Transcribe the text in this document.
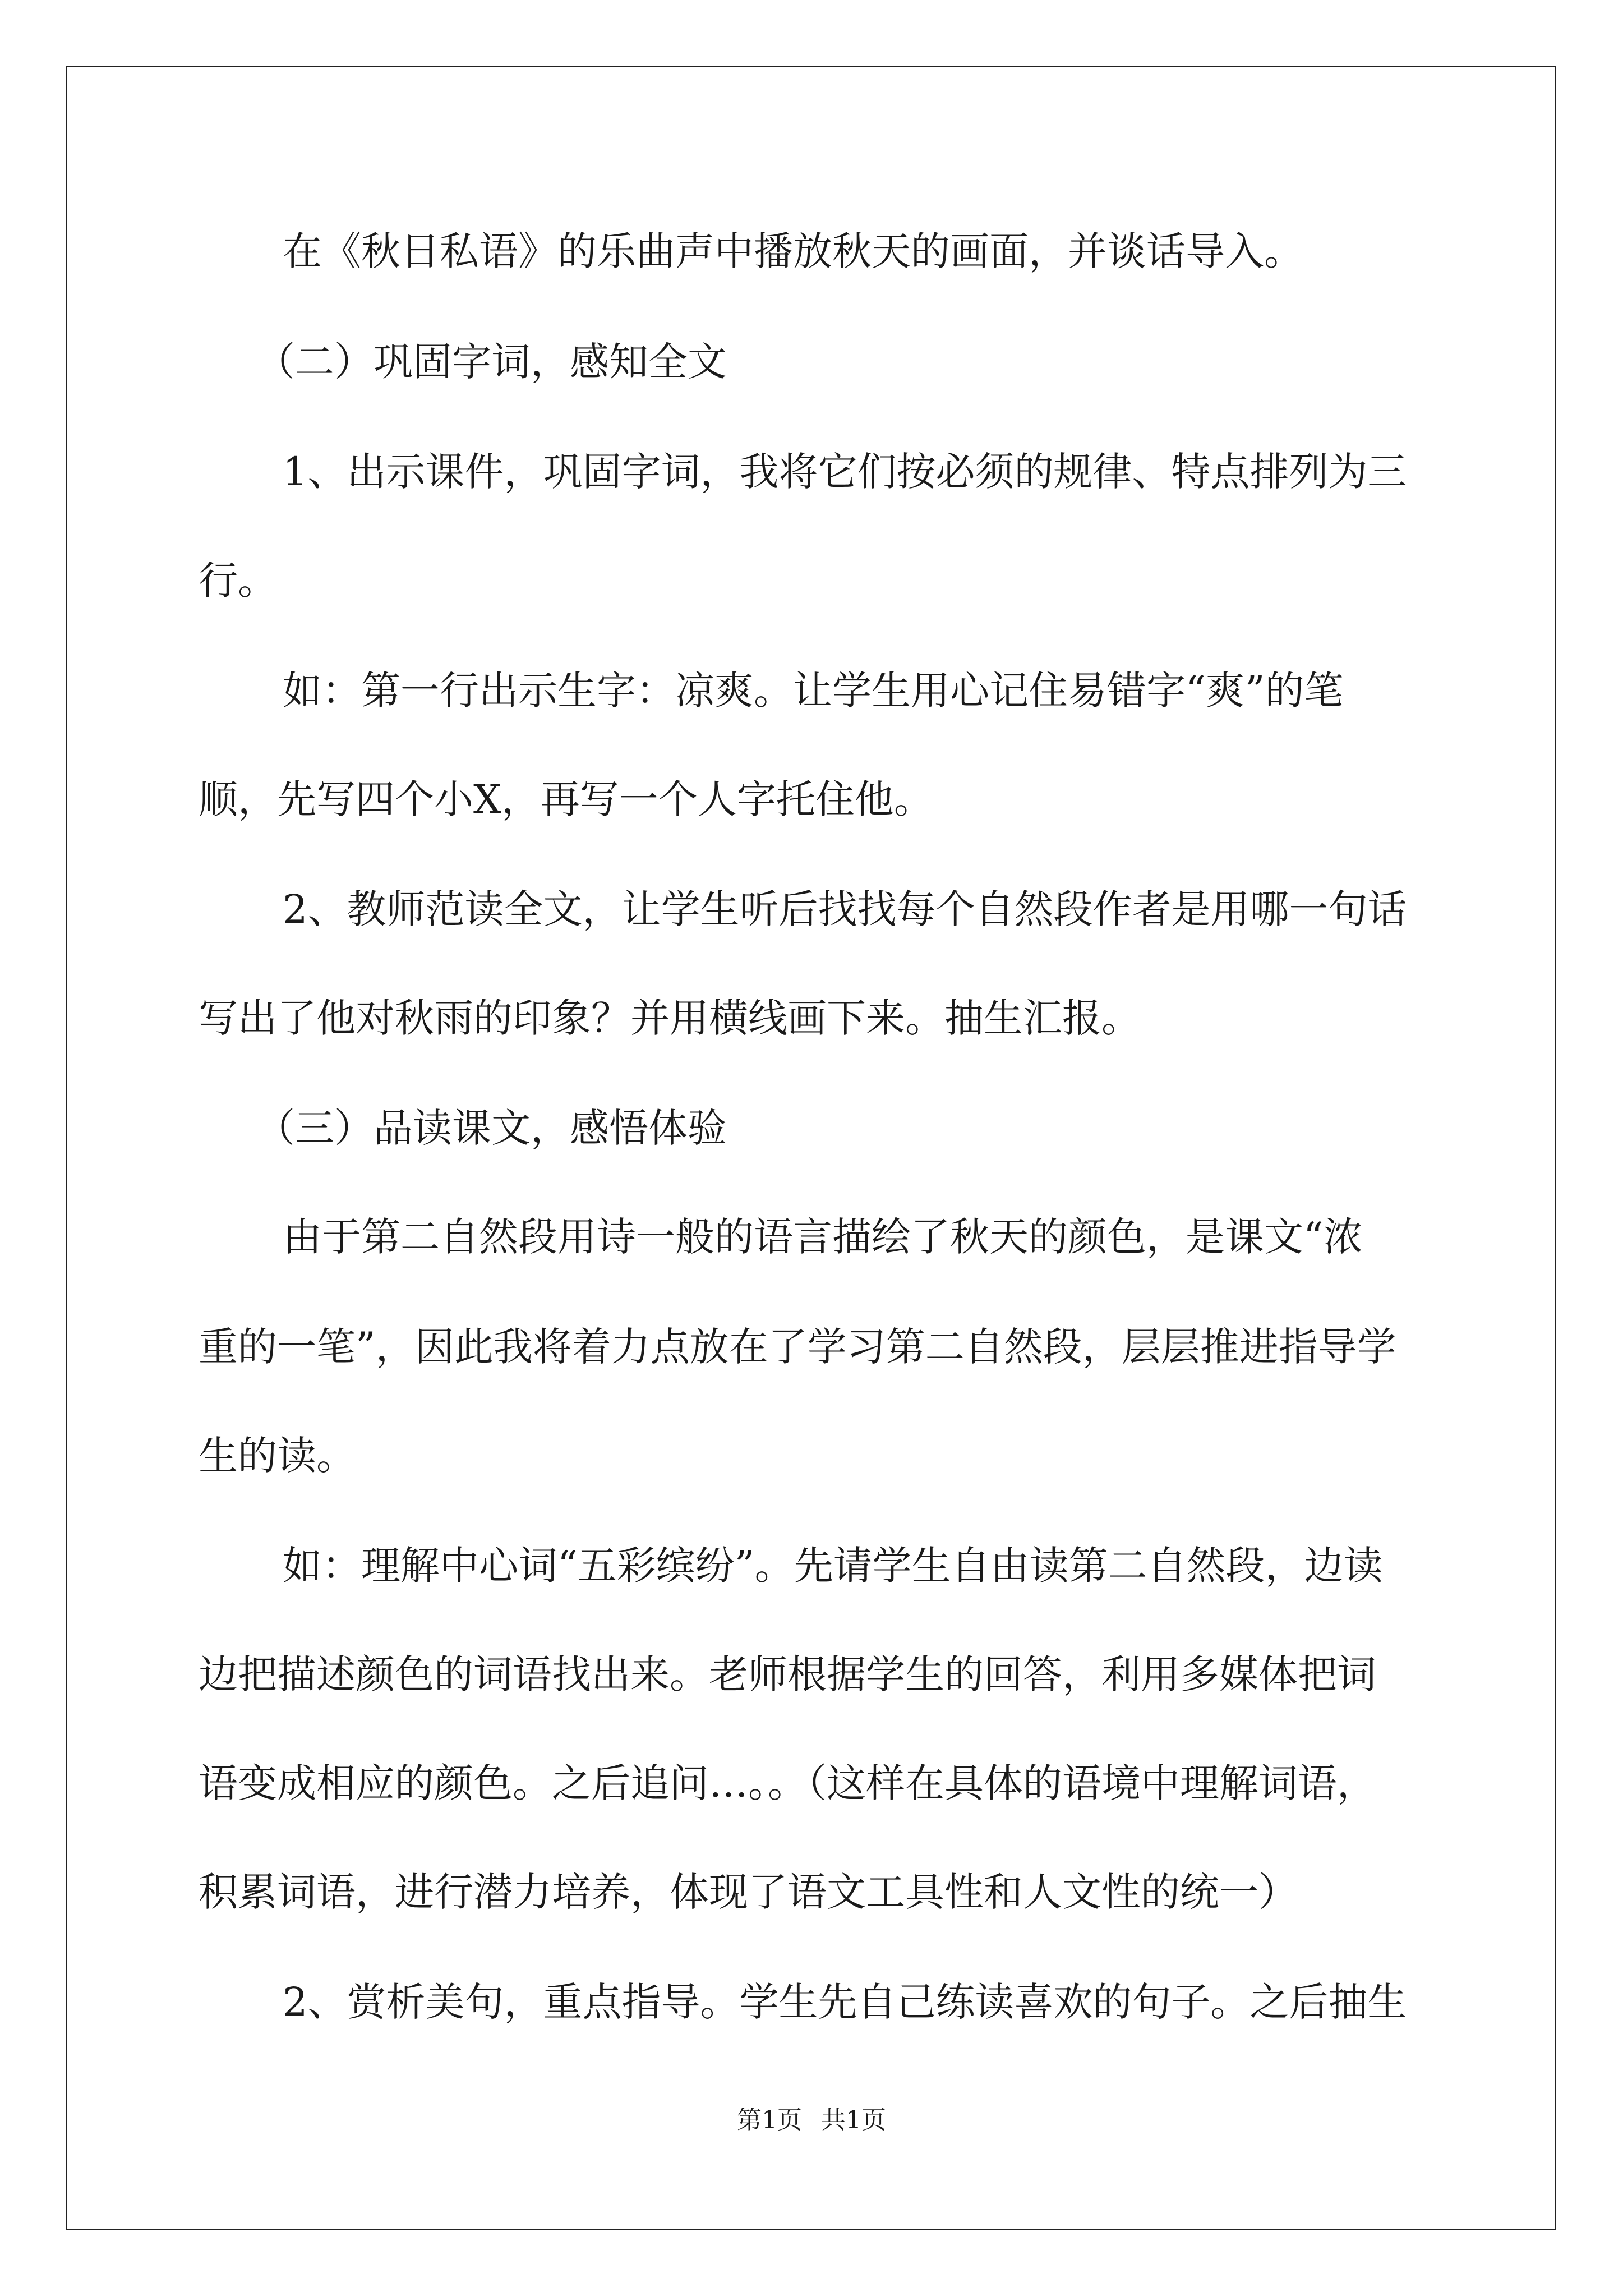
在《秋日私语》的乐曲声中播放秋天的画面，并谈话导入。
（二）巩固字词，感知全文
1、出示课件，巩固字词，我将它们按必须的规律、特点排列为三
行。
如：第一行出示生字：凉爽。让学生用心记住易错字“爽”的笔
顺，先写四个小X，再写一个人字托住他。
2、教师范读全文，让学生听后找找每个自然段作者是用哪一句话
写出了他对秋雨的印象？并用横线画下来。抽生汇报。
（三）品读课文，感悟体验
由于第二自然段用诗一般的语言描绘了秋天的颜色，是课文“浓
重的一笔”，因此我将着力点放在了学习第二自然段，层层推进指导学
生的读。
如：理解中心词“五彩缤纷”。先请学生自由读第二自然段，边读
边把描述颜色的词语找出来。老师根据学生的回答，利用多媒体把词
语变成相应的颜色。之后追问…。。（这样在具体的语境中理解词语，
积累词语，进行潜力培养，体现了语文工具性和人文性的统一）
2、赏析美句，重点指导。学生先自己练读喜欢的句子。之后抽生
第1页 共1页
